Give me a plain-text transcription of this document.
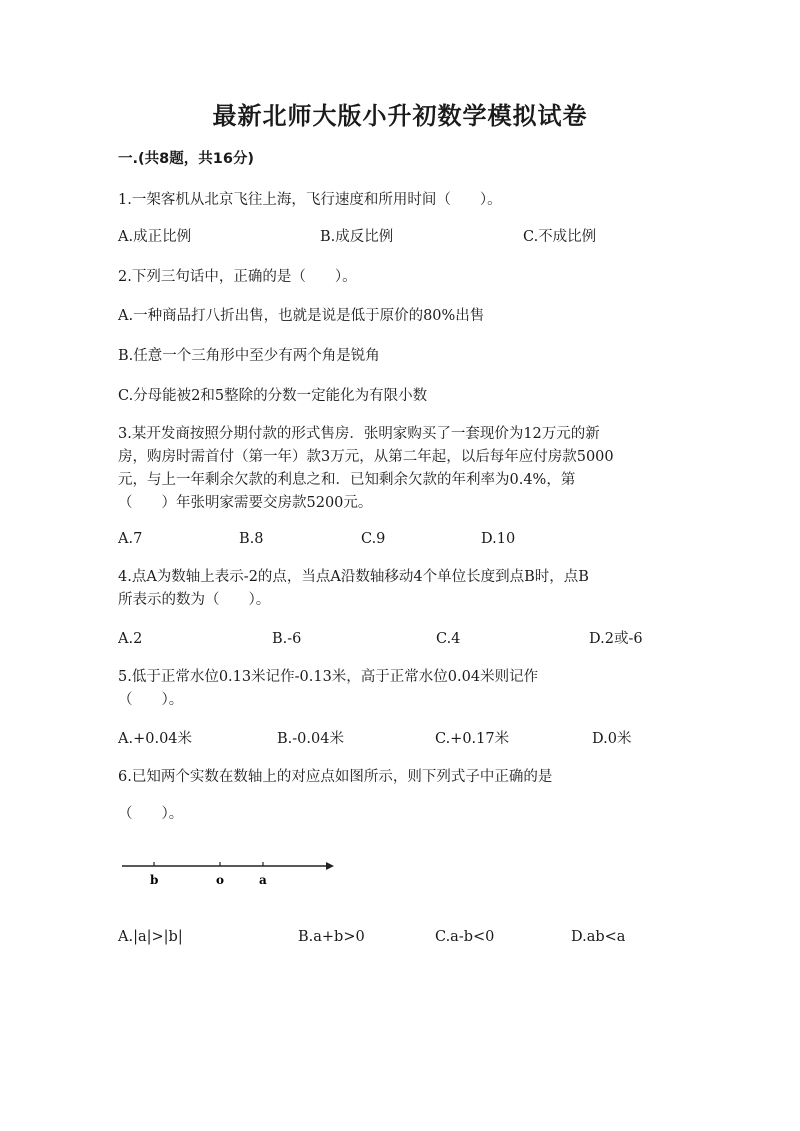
最新北师大版小升初数学模拟试卷
一.(共8题，共16分)
1.一架客机从北京飞往上海，飞行速度和所用时间（　　）。
A.成正比例	B.成反比例	C.不成比例
2.下列三句话中，正确的是（　　）。
A.一种商品打八折出售，也就是说是低于原价的80%出售
B.任意一个三角形中至少有两个角是锐角
C.分母能被2和5整除的分数一定能化为有限小数
3.某开发商按照分期付款的形式售房．张明家购买了一套现价为12万元的新
房，购房时需首付（第一年）款3万元，从第二年起，以后每年应付房款5000
元，与上一年剩余欠款的利息之和．已知剩余欠款的年利率为0.4%，第
（　　）年张明家需要交房款5200元。
A.7	B.8	C.9	D.10
4.点A为数轴上表示-2的点，当点A沿数轴移动4个单位长度到点B时，点B
所表示的数为（　　）。
A.2	B.-6	C.4	D.2或-6
5.低于正常水位0.13米记作-0.13米，高于正常水位0.04米则记作
（　　）。
A.+0.04米	B.-0.04米	C.+0.17米	D.0米
6.已知两个实数在数轴上的对应点如图所示，则下列式子中正确的是
（　　）。
b	o	a
A.|a|>|b|	B.a+b>0	C.a-b<0	D.ab<a
